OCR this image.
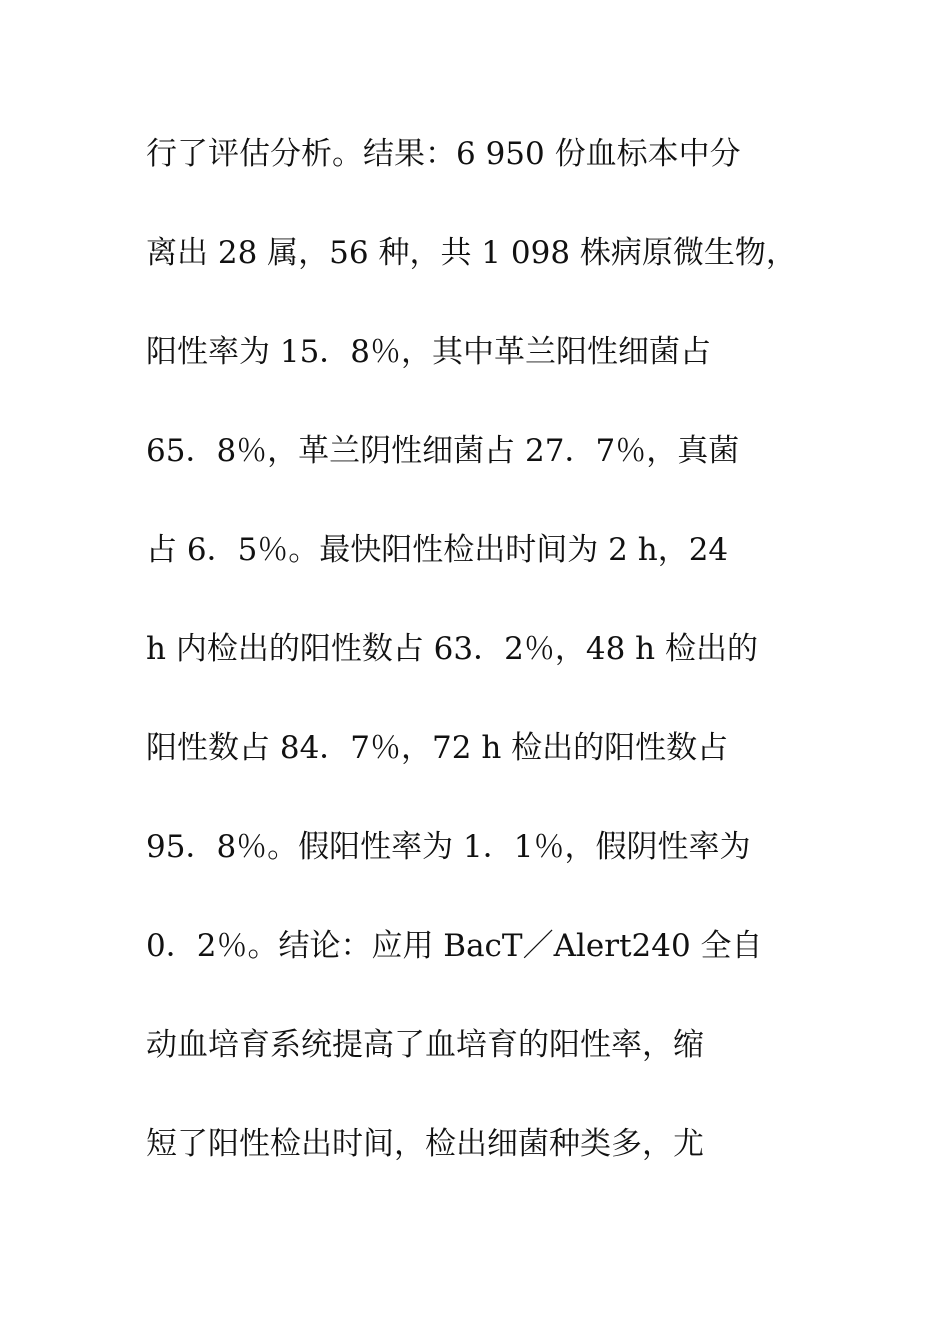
行了评估分析。结果：6 950 份血标本中分
离出 28 属，56 种，共 1 098 株病原微生物，
阳性率为 15．8％，其中革兰阳性细菌占
65．8％，革兰阴性细菌占 27．7％，真菌
占 6．5％。最快阳性检出时间为 2 h，24
h 内检出的阳性数占 63．2％，48 h 检出的
阳性数占 84．7％，72 h 检出的阳性数占
95．8％。假阳性率为 1．1％，假阴性率为
0．2％。结论：应用 BacT／Alert240 全自
动血培育系统提高了血培育的阳性率，缩
短了阳性检出时间，检出细菌种类多，尤
